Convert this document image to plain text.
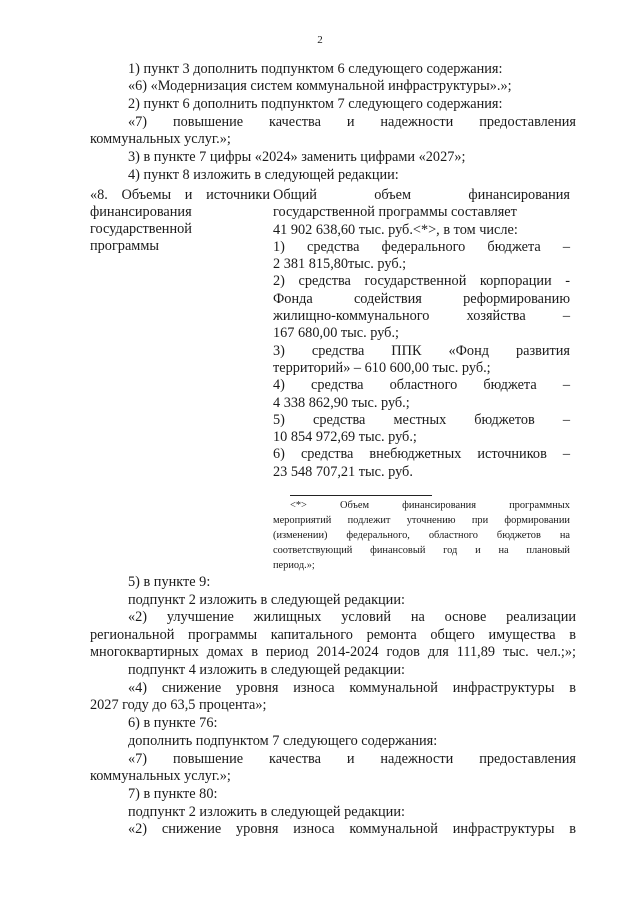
2

1) пункт 3 дополнить подпунктом 6 следующего содержания:

«6) «Модернизация систем коммунальной инфраструктуры».»;

2) пункт 6 дополнить подпунктом 7 следующего содержания:

«7) повышение качества и надежности предоставления

коммунальных услуг.»;

3) в пункте 7 цифры «2024» заменить цифрами «2027»;

4) пункт 8 изложить в следующей редакции:

«8. Объемы и источники
финансирования
государственной
программы
Общий объем финансирования
государственной программы составляет
41 902 638,60 тыс. руб.<*>, в том числе:
1) средства федерального бюджета –
2 381 815,80тыс. руб.;
2) средства государственной корпорации -
Фонда содействия реформированию
жилищно-коммунального хозяйства –
167 680,00 тыс. руб.;
3) средства ППК «Фонд развития
территорий» – 610 600,00 тыс. руб.;
4) средства областного бюджета –
4 338 862,90 тыс. руб.;
5) средства местных бюджетов –
10 854 972,69 тыс. руб.;
6) средства внебюджетных источников –
23 548 707,21 тыс. руб.
<*> Объем финансирования программных
мероприятий подлежит уточнению при формировании
(изменении) федерального, областного бюджетов на
соответствующий финансовый год и на плановый
период.»;

5) в пункте 9:

подпункт 2 изложить в следующей редакции:

«2) улучшение жилищных условий на основе реализации

региональной программы капитального ремонта общего имущества в

многоквартирных домах в период 2014-2024 годов для 111,89 тыс. чел.;»;

подпункт 4 изложить в следующей редакции:

«4) снижение уровня износа коммунальной инфраструктуры в

2027 году до 63,5 процента»;

6) в пункте 76:

дополнить подпунктом 7 следующего содержания:

«7) повышение качества и надежности предоставления

коммунальных услуг.»;

7) в пункте 80:

подпункт 2 изложить в следующей редакции:

«2) снижение уровня износа коммунальной инфраструктуры в
